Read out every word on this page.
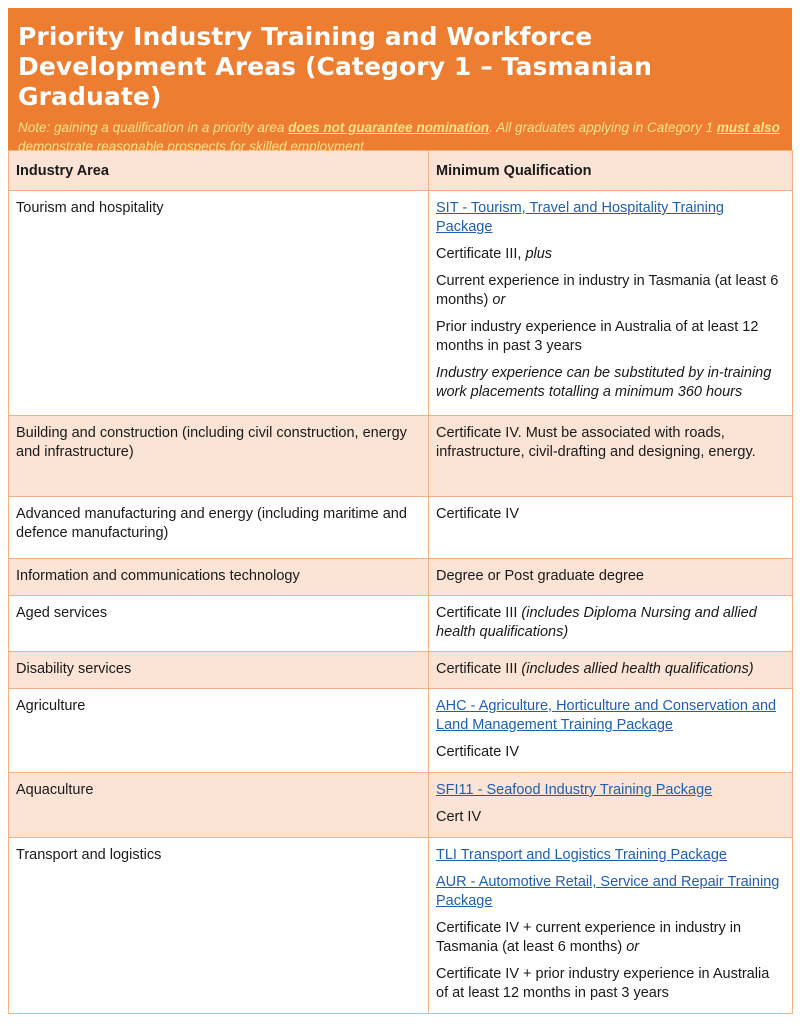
Priority Industry Training and Workforce Development Areas (Category 1 – Tasmanian Graduate)
Note: gaining a qualification in a priority area does not guarantee nomination. All graduates applying in Category 1 must also demonstrate reasonable prospects for skilled employment
Industry Area	Minimum Qualification
Tourism and hospitality	SIT - Tourism, Travel and Hospitality Training Package

Certificate III, plus

Current experience in industry in Tasmania (at least 6 months) or

Prior industry experience in Australia of at least 12 months in past 3 years

Industry experience can be substituted by in-training work placements totalling a minimum 360 hours

Building and construction (including civil construction, energy and infrastructure)	Certificate IV. Must be associated with roads, infrastructure, civil-drafting and designing, energy.

Advanced manufacturing and energy (including maritime and defence manufacturing)	Certificate IV

Information and communications technology	Degree or Post graduate degree

Aged services	Certificate III (includes Diploma Nursing and allied health qualifications)

Disability services	Certificate III (includes allied health qualifications)

Agriculture	AHC - Agriculture, Horticulture and Conservation and Land Management Training Package

Certificate IV

Aquaculture	SFI11 - Seafood Industry Training Package

Cert IV

Transport and logistics	TLI Transport and Logistics Training Package

AUR - Automotive Retail, Service and Repair Training Package

Certificate IV + current experience in industry in Tasmania (at least 6 months) or

Certificate IV + prior industry experience in Australia of at least 12 months in past 3 years
